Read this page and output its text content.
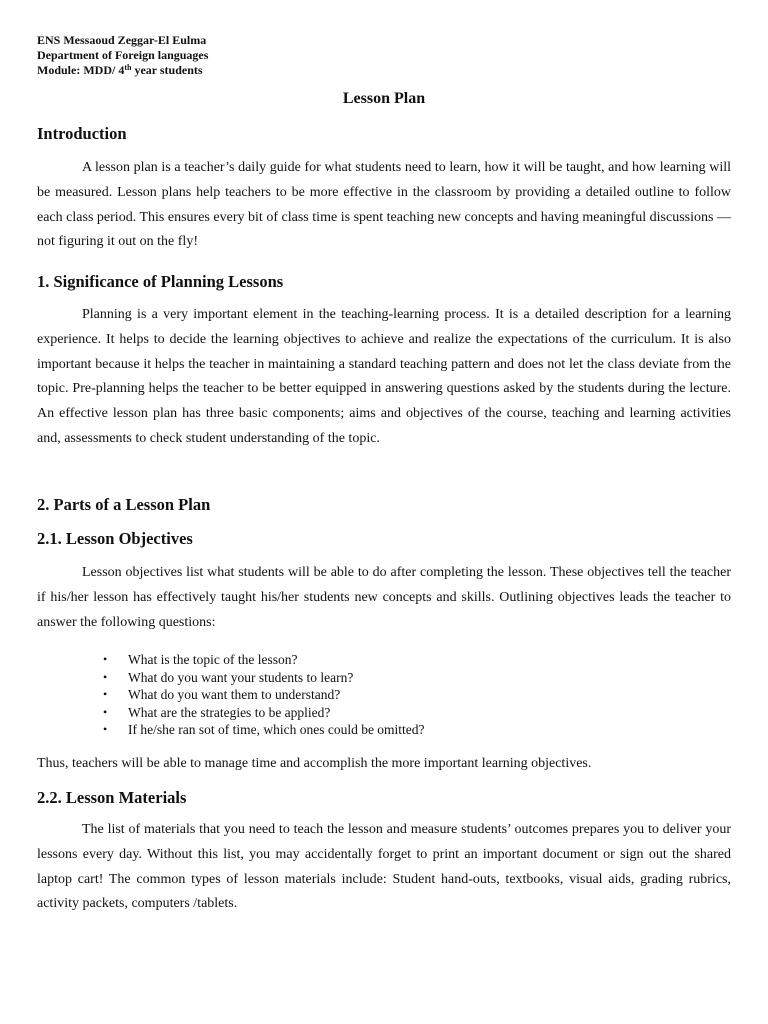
ENS Messaoud Zeggar-El Eulma
Department of Foreign languages
Module: MDD/ 4th year students
Lesson Plan
Introduction
A lesson plan is a teacher’s daily guide for what students need to learn, how it will be taught, and how learning will be measured. Lesson plans help teachers to be more effective in the classroom by providing a detailed outline to follow each class period. This ensures every bit of class time is spent teaching new concepts and having meaningful discussions — not figuring it out on the fly!
1. Significance of Planning Lessons
Planning is a very important element in the teaching-learning process. It is a detailed description for a learning experience. It helps to decide the learning objectives to achieve and realize the expectations of the curriculum. It is also important because it helps the teacher in maintaining a standard teaching pattern and does not let the class deviate from the topic. Pre-planning helps the teacher to be better equipped in answering questions asked by the students during the lecture. An effective lesson plan has three basic components; aims and objectives of the course, teaching and learning activities and, assessments to check student understanding of the topic.
2. Parts of a Lesson Plan
2.1. Lesson Objectives
Lesson objectives list what students will be able to do after completing the lesson. These objectives tell the teacher if his/her lesson has effectively taught his/her students new concepts and skills. Outlining objectives leads the teacher to answer the following questions:
• What is the topic of the lesson?
• What do you want your students to learn?
• What do you want them to understand?
• What are the strategies to be applied?
• If he/she ran sot of time, which ones could be omitted?
Thus, teachers will be able to manage time and accomplish the more important learning objectives.
2.2. Lesson Materials
The list of materials that you need to teach the lesson and measure students’ outcomes prepares you to deliver your lessons every day. Without this list, you may accidentally forget to print an important document or sign out the shared laptop cart! The common types of lesson materials include: Student hand-outs, textbooks, visual aids, grading rubrics, activity packets, computers /tablets.
